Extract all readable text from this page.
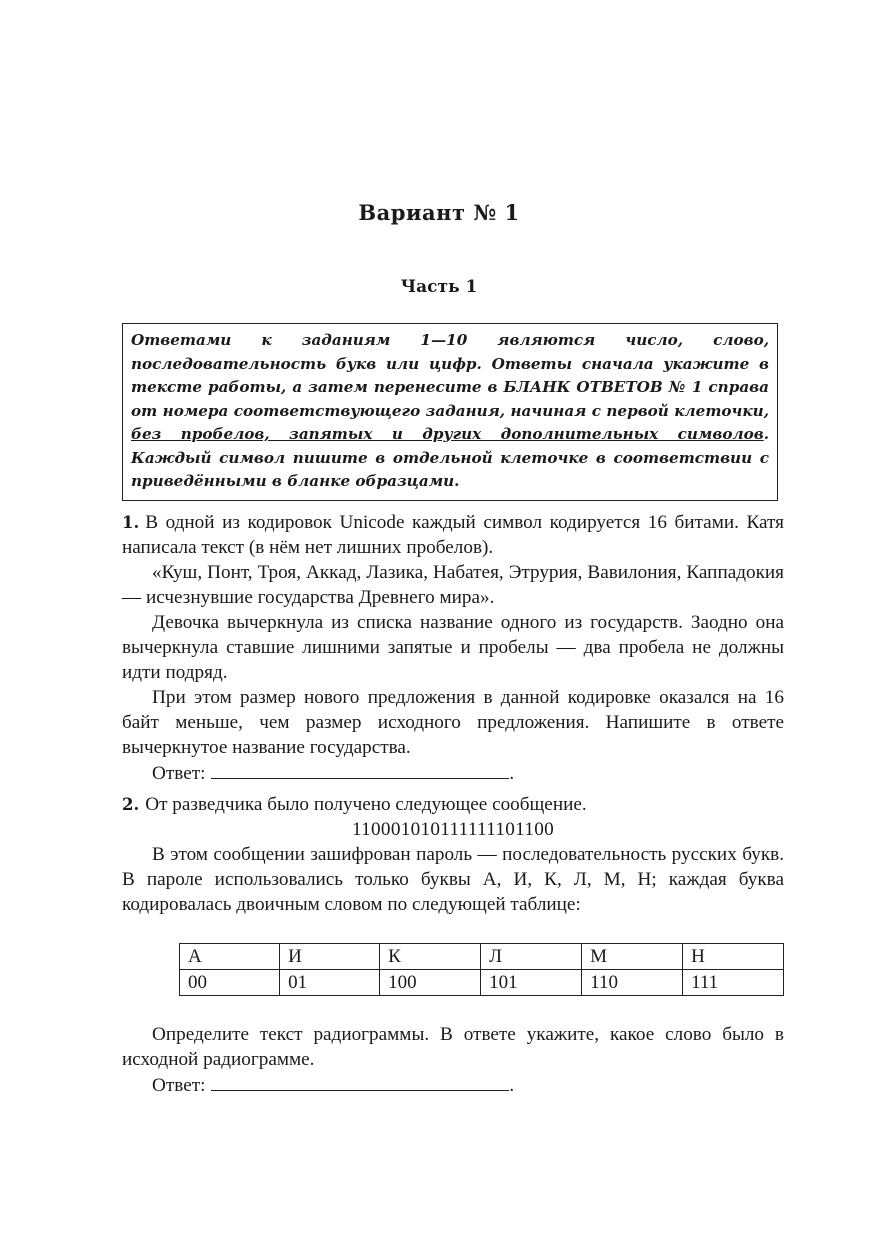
Вариант № 1
Часть 1
Ответами к заданиям 1—10 являются число, слово, последовательность букв или цифр. Ответы сначала укажите в тексте работы, а затем перенесите в БЛАНК ОТВЕТОВ № 1 справа от номера соответствующего задания, начиная с первой клеточки, без пробелов, запятых и других дополнительных символов. Каждый символ пишите в отдельной клеточке в соответствии с приведёнными в бланке образцами.

1. В одной из кодировок Unicode каждый символ кодируется 16 битами. Катя написала текст (в нём нет лишних пробелов).

«Куш, Понт, Троя, Аккад, Лазика, Набатея, Этрурия, Вавилония, Каппадокия — исчезнувшие государства Древнего мира».

Девочка вычеркнула из списка название одного из государств. Заодно она вычеркнула ставшие лишними запятые и пробелы — два пробела не должны идти подряд.

При этом размер нового предложения в данной кодировке оказался на 16 байт меньше, чем размер исходного предложения. Напишите в ответе вычеркнутое название государства.

Ответ:	.

2. От разведчика было получено следующее сообщение.

110001010111111101100

В этом сообщении зашифрован пароль — последовательность русских букв. В пароле использовались только буквы А, И, К, Л, М, Н; каждая буква кодировалась двоичным словом по следующей таблице:

А	И	К	Л	М	Н
00	01	100	101	110	111

Определите текст радиограммы. В ответе укажите, какое слово было в исходной радиограмме.

Ответ:	.
